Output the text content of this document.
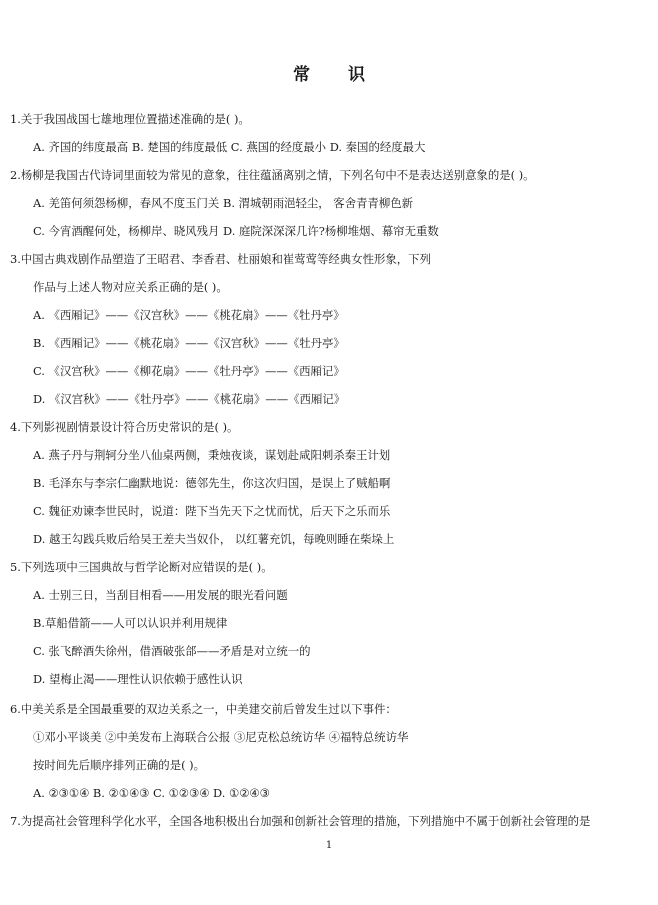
常 识
1.关于我国战国七雄地理位置描述准确的是( )。
A. 齐国的纬度最高 B. 楚国的纬度最低 C. 燕国的经度最小 D. 秦国的经度最大
2.杨柳是我国古代诗词里面较为常见的意象，往往蕴涵离别之情，下列名句中不是表达送别意象的是( )。
A. 羌笛何须怨杨柳，春风不度玉门关 B. 渭城朝雨浥轻尘， 客舍青青柳色新
C. 今宵酒醒何处，杨柳岸、晓风残月 D. 庭院深深深几许?杨柳堆烟、幕帘无重数
3.中国古典戏剧作品塑造了王昭君、李香君、杜丽娘和崔莺莺等经典女性形象，下列
作品与上述人物对应关系正确的是( )。
A. 《西厢记》——《汉宫秋》——《桃花扇》——《牡丹亭》
B. 《西厢记》——《桃花扇》——《汉宫秋》——《牡丹亭》
C. 《汉宫秋》——《柳花扇》——《牡丹亭》——《西厢记》
D. 《汉宫秋》——《牡丹亭》——《桃花扇》——《西厢记》
4.下列影视剧情景设计符合历史常识的是( )。
A. 燕子丹与荆轲分坐八仙桌两侧，秉烛夜谈，谋划赴咸阳刺杀秦王计划
B. 毛泽东与李宗仁幽默地说：德邻先生，你这次归国，是误上了贼船啊
C. 魏征劝谏李世民时，说道：陛下当先天下之忧而忧，后天下之乐而乐
D. 越王勾践兵败后给吴王差夫当奴仆， 以红薯充饥，每晚则睡在柴垛上
5.下列选项中三国典故与哲学论断对应错误的是( )。
A. 士别三日，当刮目相看——用发展的眼光看问题
B.草船借箭——人可以认识并利用规律
C. 张飞醉酒失徐州，借酒破张郃——矛盾是对立统一的
D. 望梅止渴——理性认识依赖于感性认识
6.中美关系是全国最重要的双边关系之一，中美建交前后曾发生过以下事件：
①邓小平谈美 ②中美发布上海联合公报 ③尼克松总统访华 ④福特总统访华
按时间先后顺序排列正确的是( )。
A. ②③①④ B. ②①④③ C. ①②③④ D. ①②④③
7.为提高社会管理科学化水平，全国各地积极出台加强和创新社会管理的措施，下列措施中不属于创新社会管理的是
1
